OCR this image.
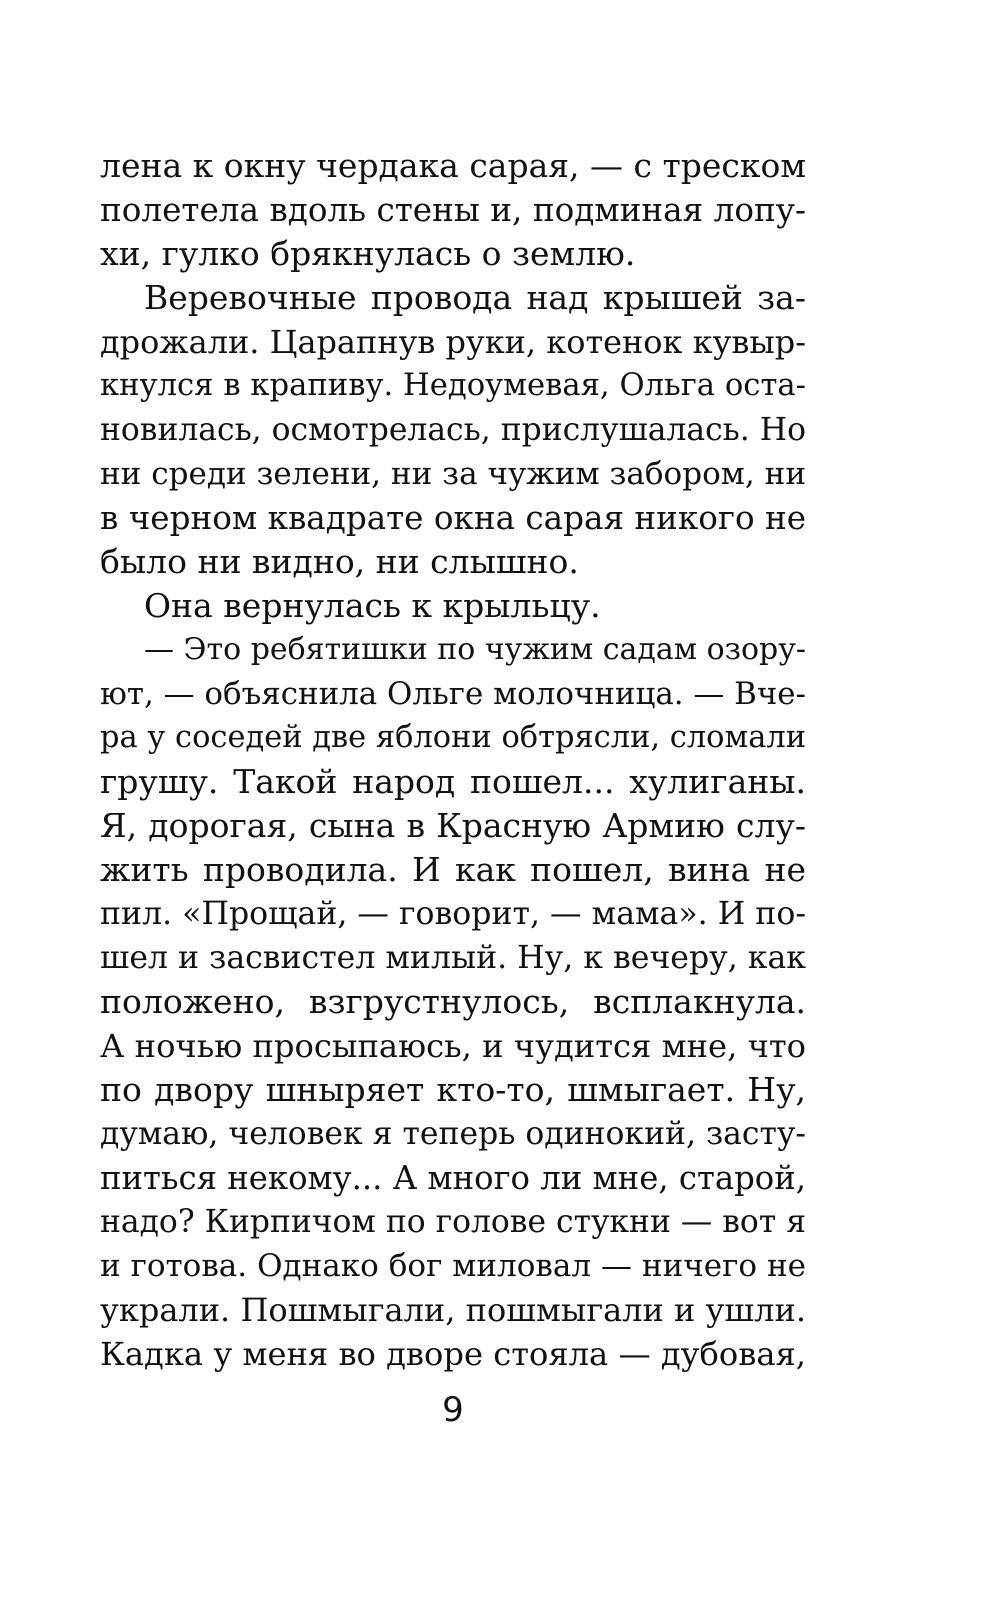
лена к окну чердака сарая, — с треском
полетела вдоль стены и, подминая лопу-
хи, гулко брякнулась о землю.
Веревочные провода над крышей за-
дрожали. Царапнув руки, котенок кувыр-
кнулся в крапиву. Недоумевая, Ольга оста-
новилась, осмотрелась, прислушалась. Но
ни среди зелени, ни за чужим забором, ни
в черном квадрате окна сарая никого не
было ни видно, ни слышно.
Она вернулась к крыльцу.
— Это ребятишки по чужим садам озору-
ют, — объяснила Ольге молочница. — Вче-
ра у соседей две яблони обтрясли, сломали
грушу. Такой народ пошел... хулиганы.
Я, дорогая, сына в Красную Армию слу-
жить проводила. И как пошел, вина не
пил. «Прощай, — говорит, — мама». И по-
шел и засвистел милый. Ну, к вечеру, как
положено, взгрустнулось, всплакнула.
А ночью просыпаюсь, и чудится мне, что
по двору шныряет кто-то, шмыгает. Ну,
думаю, человек я теперь одинокий, засту-
питься некому... А много ли мне, старой,
надо? Кирпичом по голове стукни — вот я
и готова. Однако бог миловал — ничего не
украли. Пошмыгали, пошмыгали и ушли.
Кадка у меня во дворе стояла — дубовая,
9
